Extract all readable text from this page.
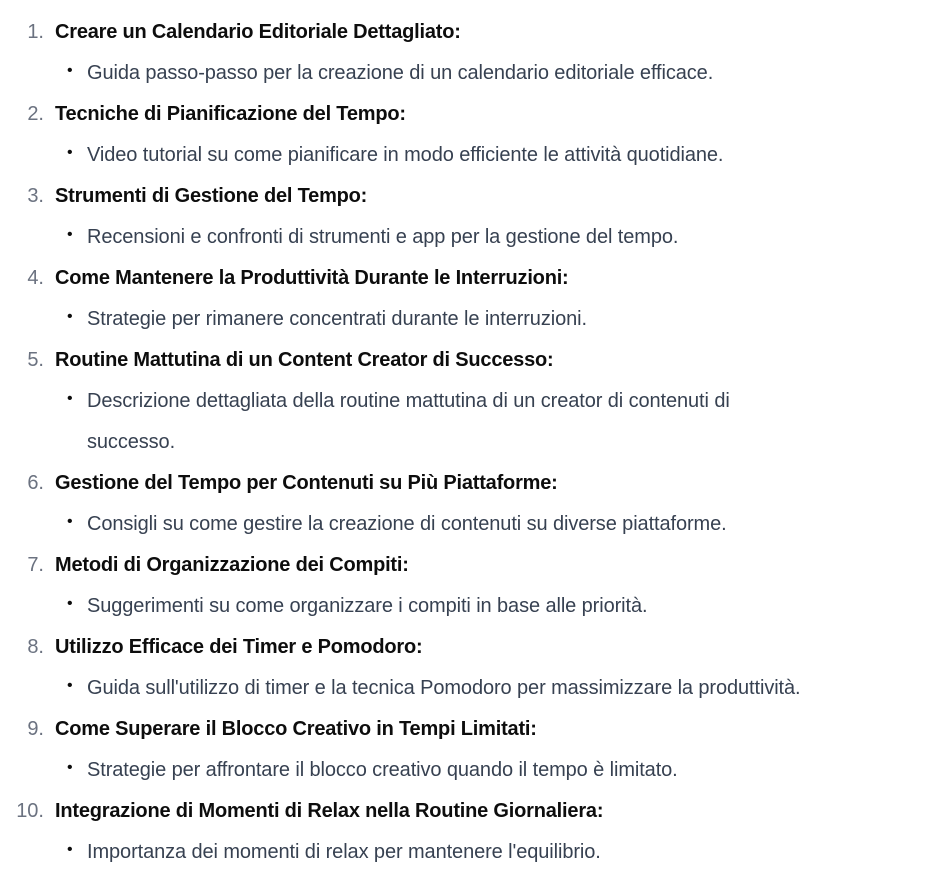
1. Creare un Calendario Editoriale Dettagliato:
• Guida passo-passo per la creazione di un calendario editoriale efficace.
2. Tecniche di Pianificazione del Tempo:
• Video tutorial su come pianificare in modo efficiente le attività quotidiane.
3. Strumenti di Gestione del Tempo:
• Recensioni e confronti di strumenti e app per la gestione del tempo.
4. Come Mantenere la Produttività Durante le Interruzioni:
• Strategie per rimanere concentrati durante le interruzioni.
5. Routine Mattutina di un Content Creator di Successo:
• Descrizione dettagliata della routine mattutina di un creator di contenuti di
successo.
6. Gestione del Tempo per Contenuti su Più Piattaforme:
• Consigli su come gestire la creazione di contenuti su diverse piattaforme.
7. Metodi di Organizzazione dei Compiti:
• Suggerimenti su come organizzare i compiti in base alle priorità.
8. Utilizzo Efficace dei Timer e Pomodoro:
• Guida sull'utilizzo di timer e la tecnica Pomodoro per massimizzare la produttività.
9. Come Superare il Blocco Creativo in Tempi Limitati:
• Strategie per affrontare il blocco creativo quando il tempo è limitato.
10. Integrazione di Momenti di Relax nella Routine Giornaliera:
• Importanza dei momenti di relax per mantenere l'equilibrio.
